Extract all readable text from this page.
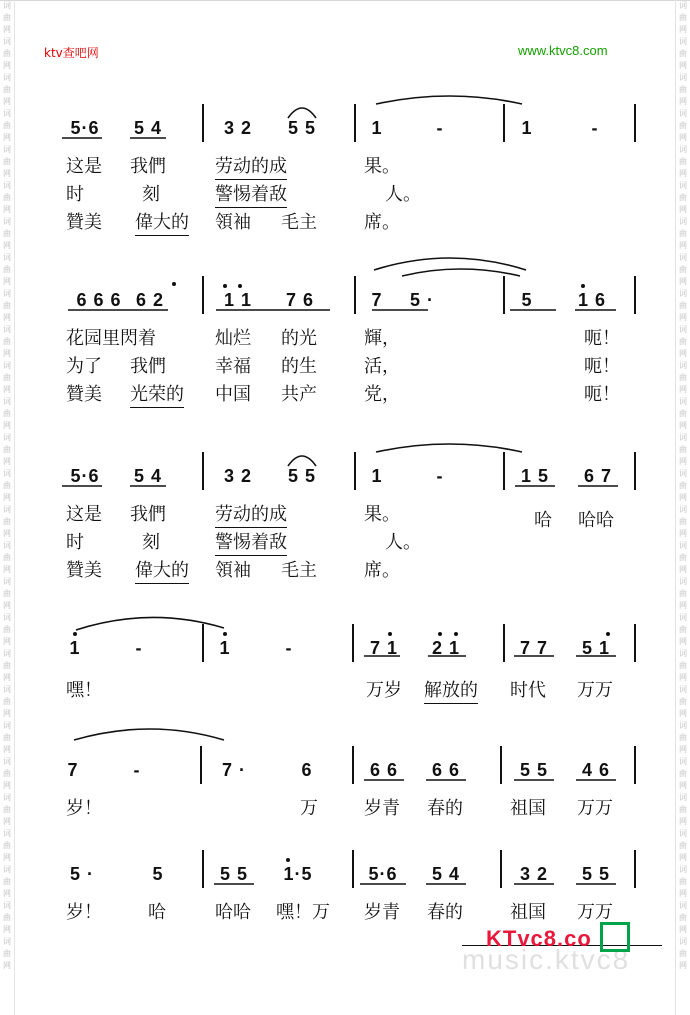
词曲网词曲网词曲网词曲网词曲网词曲网词曲网词曲网词曲网词曲网词曲网词曲网词曲网词曲网词曲网词曲网词曲网词曲网词曲网词曲网词曲网词曲网词曲网词曲网词曲网词曲网词曲网
词曲网词曲网词曲网词曲网词曲网词曲网词曲网词曲网词曲网词曲网词曲网词曲网词曲网词曲网词曲网词曲网词曲网词曲网词曲网词曲网词曲网词曲网词曲网词曲网词曲网词曲网词曲网
ktv查吧网	www.ktvc8.com
5·6	5 4	3 2	5 5	1	-	1	-
这是 我們	劳动的成	果。
时	刻	警惕着敌	人。
贊美 偉大的 領袖 毛主	席。
6 6 6 6 2	1 1	7 6	7	5 ·	5	1 6
花园里閃着	灿烂 的光	輝，	呃！
为了 我們	幸福 的生	活，	呃！
贊美 光荣的 中国 共产	党，	呃！
5·6	5 4	3 2	5 5	1	-	1 5	6 7
这是 我們	劳动的成	果。	哈 哈哈
时	刻	警惕着敌	人。
贊美 偉大的 領袖 毛主	席。
1	-	1	-	7 1	2 1	7 7	5 1
嘿！	万岁 解放的 时代 万万
7	-	7 ·	6	6 6	6 6	5 5	4 6
岁！	万	岁青 春的	祖国 万万
5 ·	5	5 5	1·5	5·6	5 4	3 2	5 5
岁！	哈	哈哈 嘿！万 岁青 春的	祖国 万万
music.ktvc8
KTvc8.co
